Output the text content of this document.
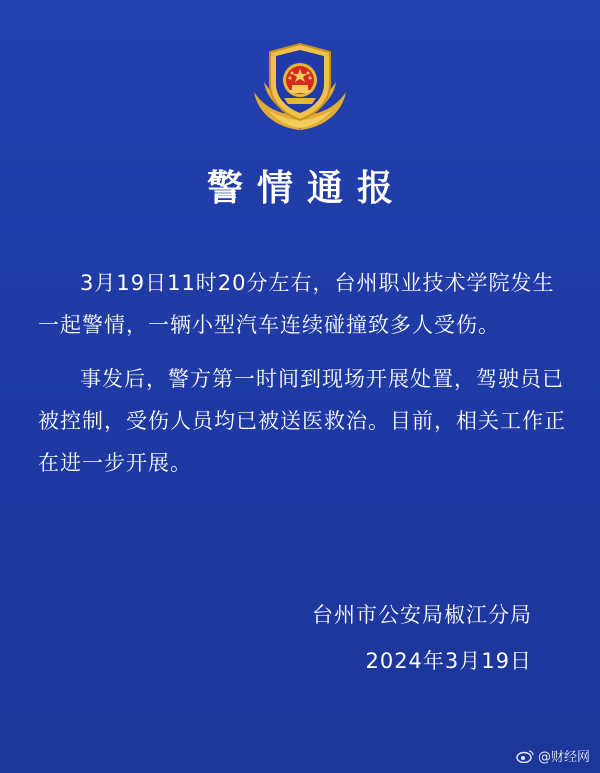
警情通报

3月19日11时20分左右，台州职业技术学院发生一起警情，一辆小型汽车连续碰撞致多人受伤。

事发后，警方第一时间到现场开展处置，驾驶员已被控制，受伤人员均已被送医救治。目前，相关工作正在进一步开展。

台州市公安局椒江分局
2024年3月19日
@财经网
